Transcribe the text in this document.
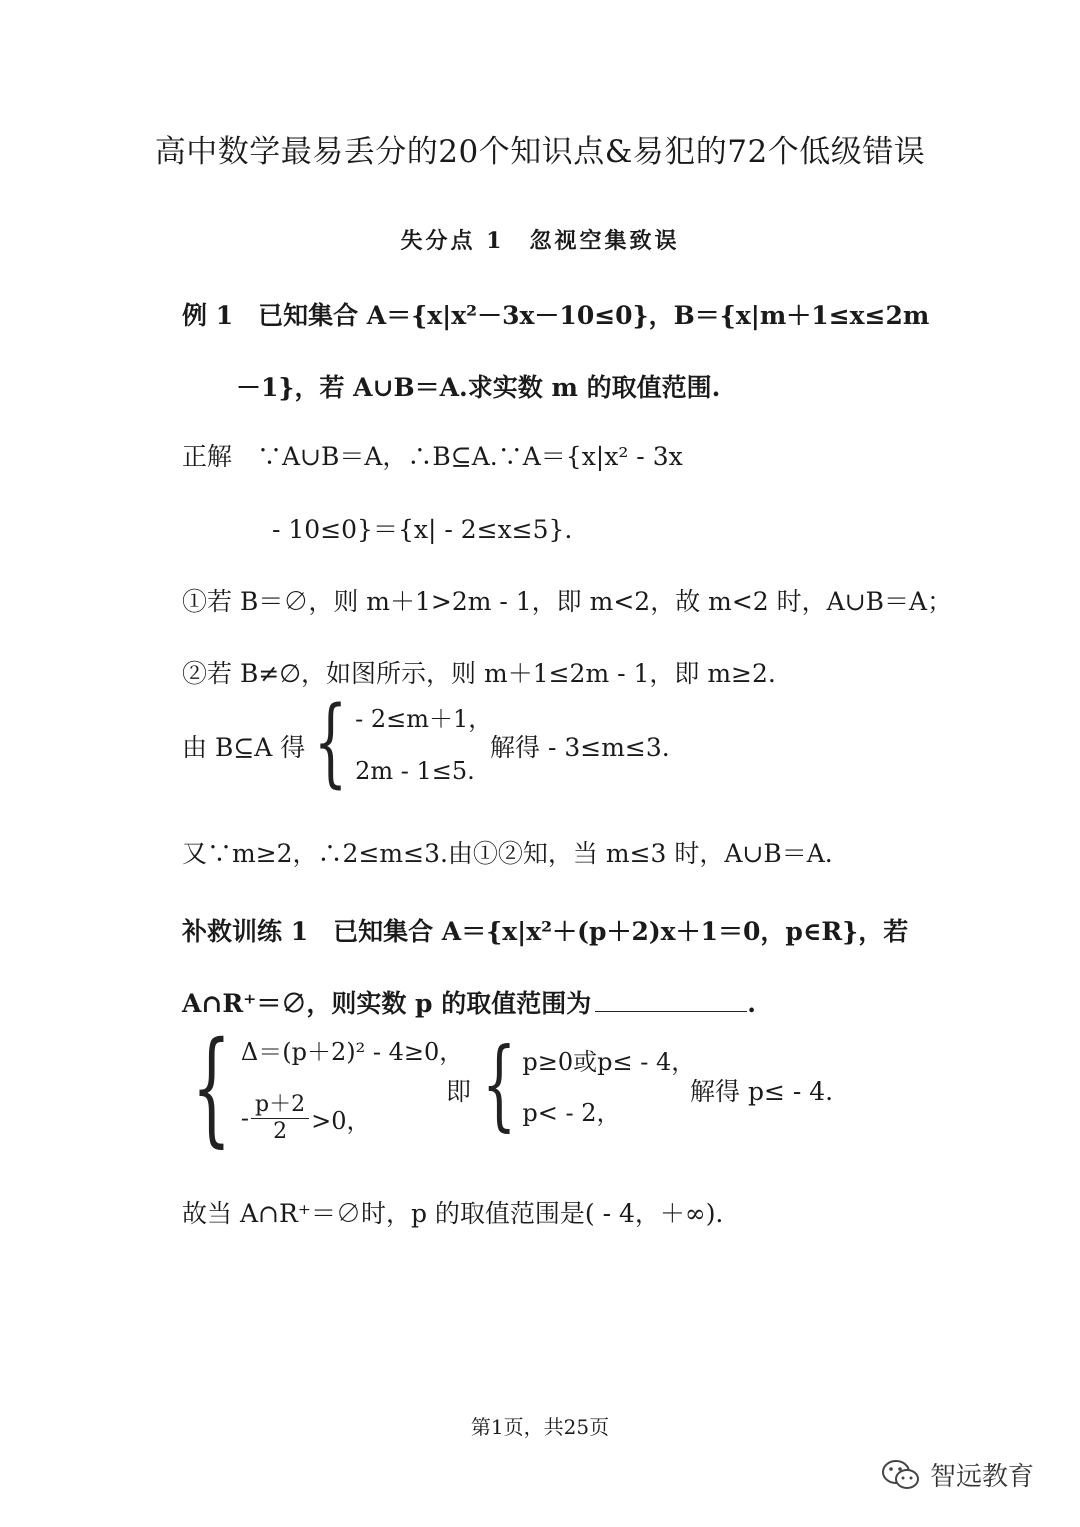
高中数学最易丢分的20个知识点&易犯的72个低级错误
失分点 1　忽视空集致误
例 1　已知集合 A＝{x|x²－3x－10≤0}，B＝{x|m＋1≤x≤2m
－1}，若 A∪B＝A.求实数 m 的取值范围.
正解　∵A∪B＝A，∴B⊆A.∵A＝{x|x² - 3x
- 10≤0}＝{x| - 2≤x≤5}．
①若 B＝∅，则 m＋1>2m - 1，即 m<2，故 m<2 时，A∪B＝A；
②若 B≠∅，如图所示，则 m＋1≤2m - 1，即 m≥2.
由 B⊆A 得 { - 2≤m＋1，
2m - 1≤5.
解得 - 3≤m≤3.
又∵m≥2，∴2≤m≤3.由①②知，当 m≤3 时，A∪B＝A.
补救训练 1　已知集合 A＝{x|x²＋(p＋2)x＋1＝0，p∈R}，若
A∩R⁺＝∅，则实数 p 的取值范围为	.
{ Δ＝(p＋2)² - 4≥0，
- $\frac{p+2}{2} >0$，
即 { p≥0或p≤ - 4，
p< - 2，
解得 p≤ - 4.
故当 A∩R⁺＝∅时，p 的取值范围是( - 4，＋∞)．
第1页，共25页
智远教育
